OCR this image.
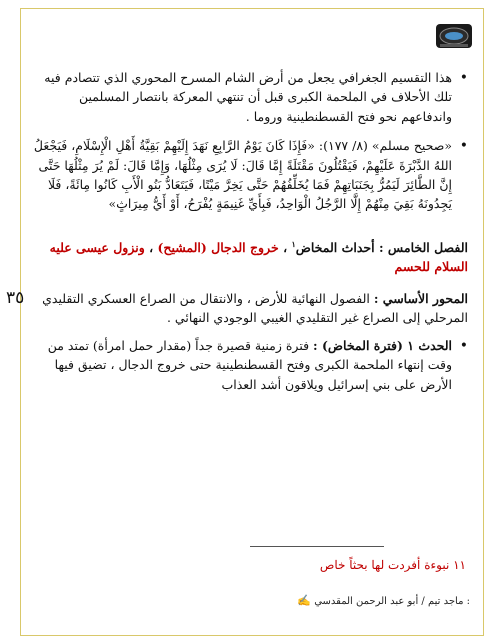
• هذا التقسيم الجغرافي يجعل من أرض الشام المسرح المحوري الذي تتصادم فيه تلك الأحلاف في الملحمة الكبرى قبل أن تنتهي المعركة بانتصار المسلمين واندفاعهم نحو فتح القسطنطينية وروما .

• «صحيح مسلم» (٨/ ١٧٧): «فَإِذَا كَانَ يَوْمُ الرَّابِعِ نَهَدَ إِلَيْهِمْ بَقِيَّةُ أَهْلِ الْإِسْلَامِ، فَيَجْعَلُ اللهُ الدَّبْرَةَ عَلَيْهِمْ، فَيَقْتُلُونَ مَقْتَلَةً إِمَّا قَالَ: لَا يُرَى مِثْلُهَا، وَإِمَّا قَالَ: لَمْ يُرَ مِثْلُهَا حَتَّى إِنَّ الطَّائِرَ لَيَمُرُّ بِجَنَبَاتِهِمْ فَمَا يُخَلِّفُهُمْ حَتَّى يَخِرَّ مَيْتًا، فَيَتَعَادُّ بَنُو الْأَبِ كَانُوا مِائَةً، فَلَا يَجِدُونَهُ بَقِيَ مِنْهُمْ إِلَّا الرَّجُلُ الْوَاحِدُ، فَبِأَيِّ غَنِيمَةٍ يُفْرَحُ، أَوْ أَيُّ مِيرَاثٍ»

الفصل الخامس : أحداث المخاض$^١$ ، خروج الدجال (المشيح) ، ونزول عيسى عليه السلام للحسم

المحور الأساسي : الفصول النهائية للأرض ، والانتقال من الصراع العسكري التقليدي المرحلي إلى الصراع غير التقليدي الغيبي الوجودي النهائي .

• الحدث ١ (فترة المخاض) : فترة زمنية قصيرة جداً (مقدار حمل امرأة) تمتد من وقت إنتهاء الملحمة الكبرى وفتح القسطنطينية حتى خروج الدجال ، تضيق فيها الأرض على بني إسرائيل ويلاقون أشد العذاب

٣٥
١١ نبوءة أفردت لها بحثاً خاص
: ماجد تيم / أبو عبد الرحمن المقدسي ✍
